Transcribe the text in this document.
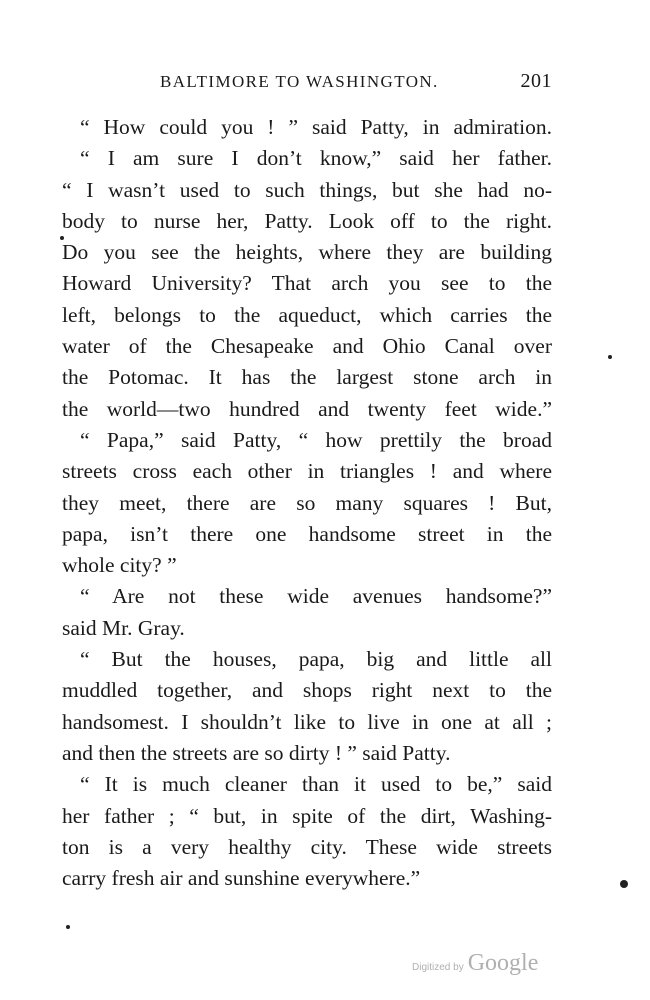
BALTIMORE TO WASHINGTON.	201
“ How could you ! ” said Patty, in admiration.
“ I am sure I don’t know,” said her father.
“ I wasn’t used to such things, but she had no-
body to nurse her, Patty. Look off to the right.
Do you see the heights, where they are building
Howard University? That arch you see to the
left, belongs to the aqueduct, which carries the
water of the Chesapeake and Ohio Canal over
the Potomac. It has the largest stone arch in
the world—two hundred and twenty feet wide.”
“ Papa,” said Patty, “ how prettily the broad
streets cross each other in triangles ! and where
they meet, there are so many squares ! But,
papa, isn’t there one handsome street in the
whole city? ”
“ Are not these wide avenues handsome?”
said Mr. Gray.
“ But the houses, papa, big and little all
muddled together, and shops right next to the
handsomest. I shouldn’t like to live in one at all ;
and then the streets are so dirty ! ” said Patty.
“ It is much cleaner than it used to be,” said
her father ; “ but, in spite of the dirt, Washing-
ton is a very healthy city. These wide streets
carry fresh air and sunshine everywhere.”
Digitized by Google
